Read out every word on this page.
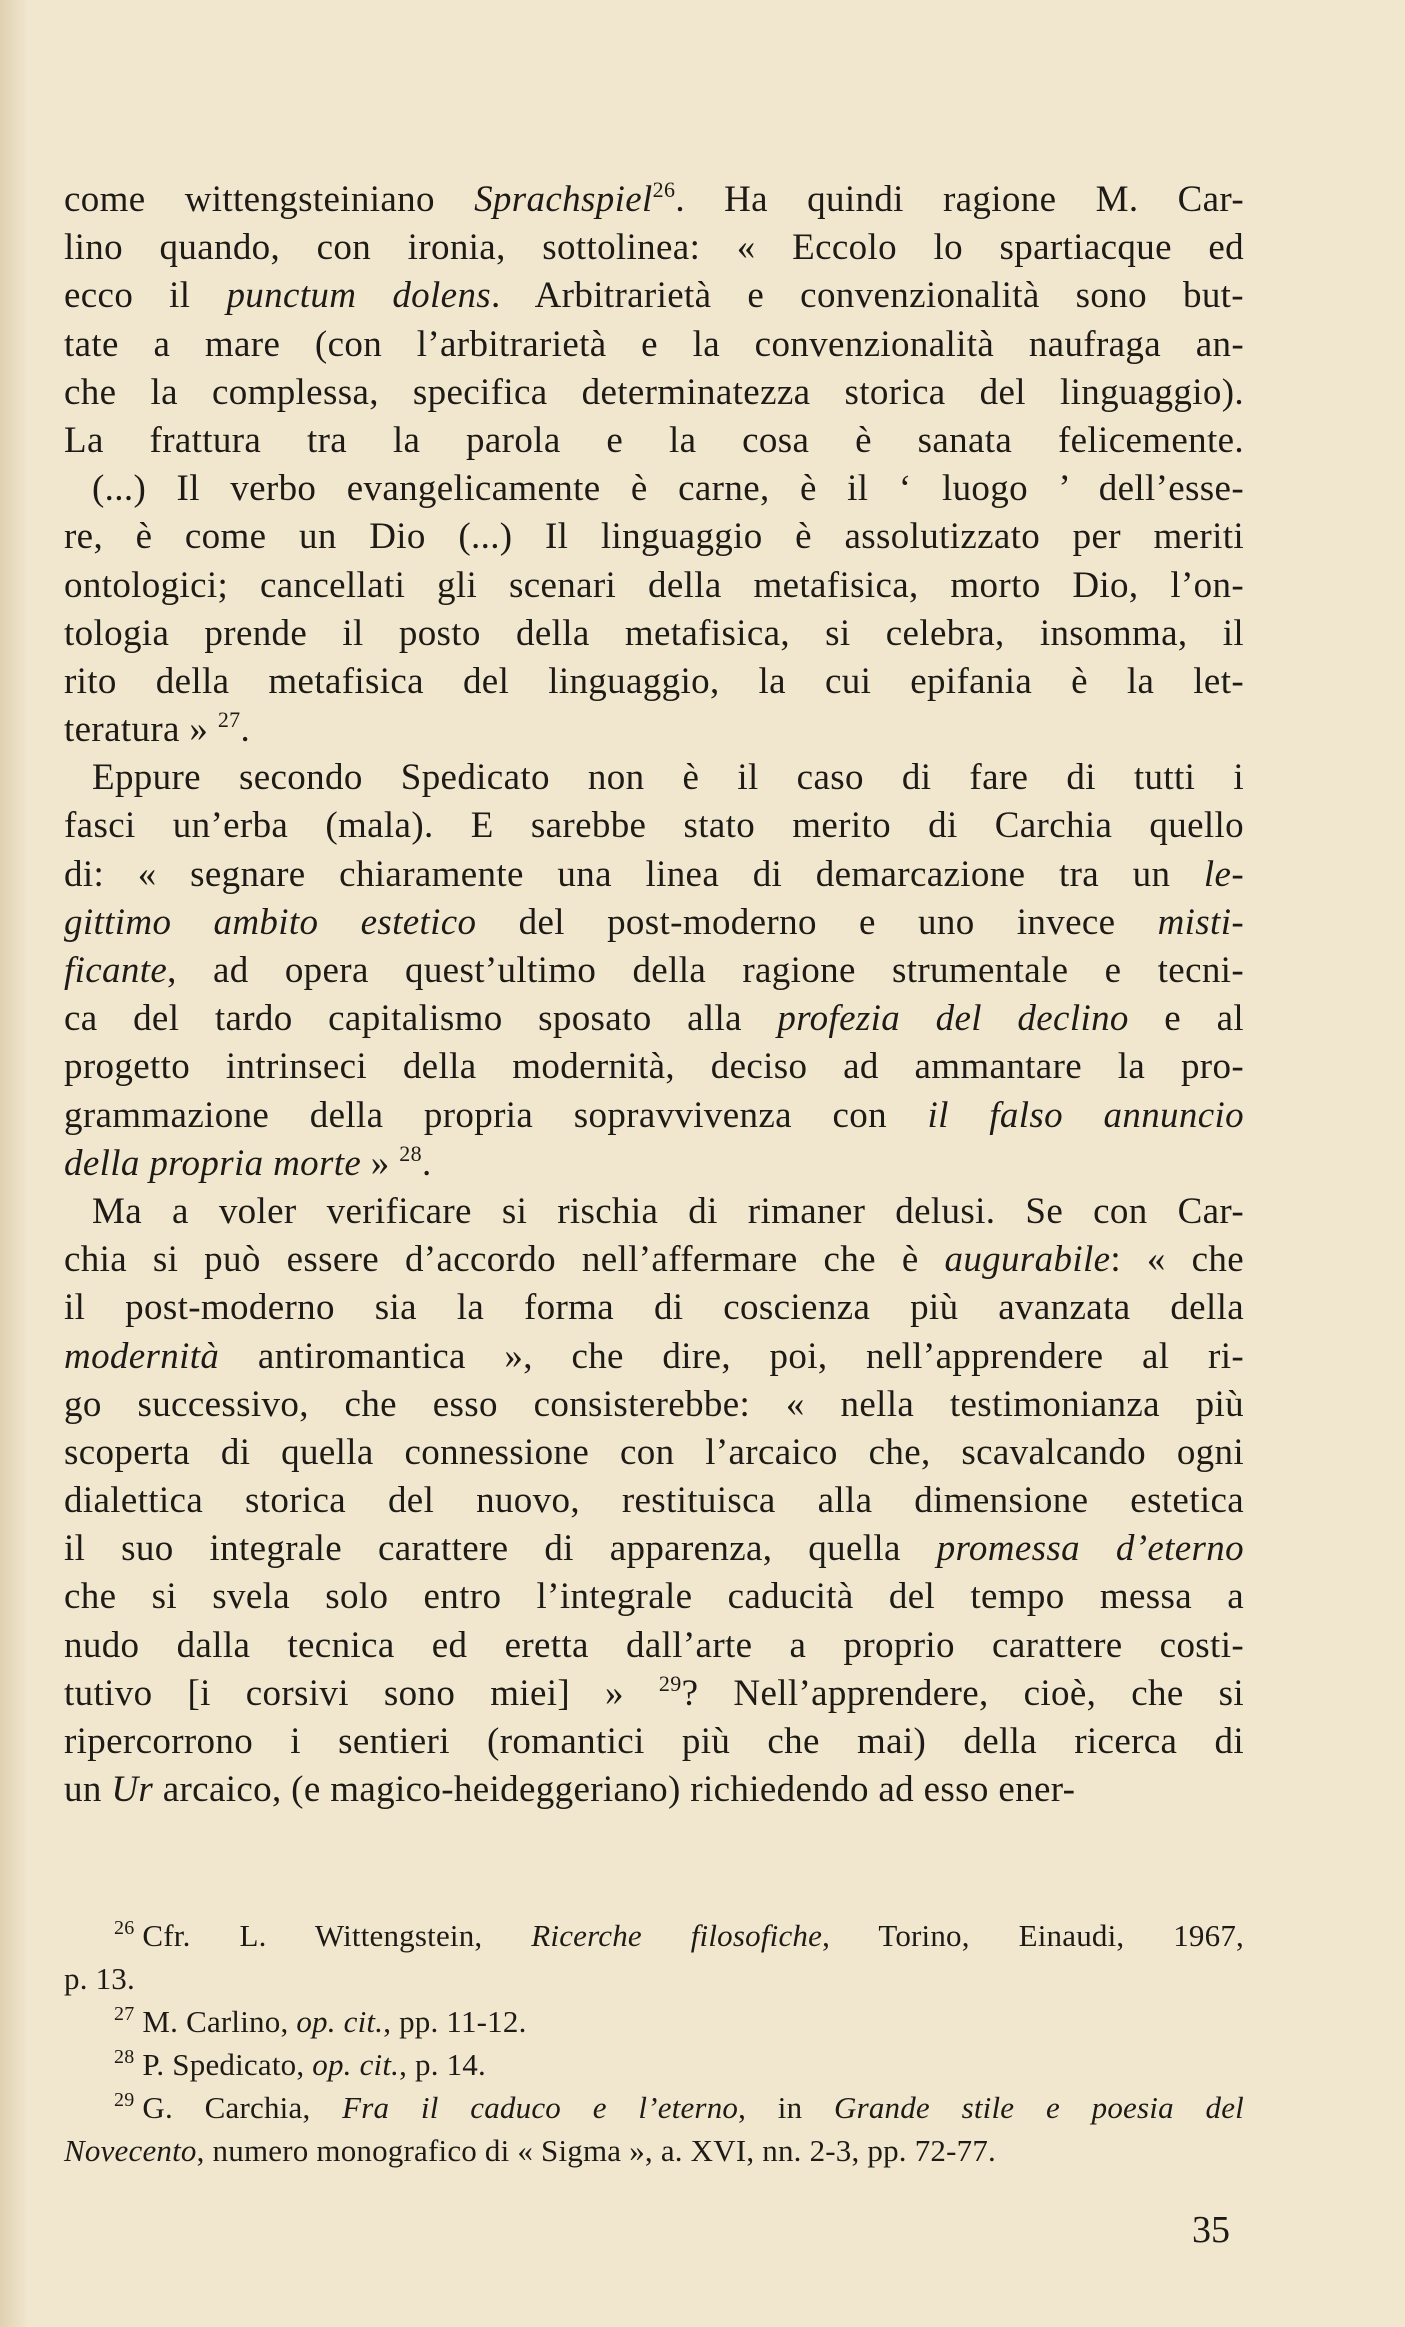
come wittengsteiniano Sprachspiel$^{26}$. Ha quindi ragione M. Car-
lino quando, con ironia, sottolinea: « Eccolo lo spartiacque ed
ecco il punctum dolens. Arbitrarietà e convenzionalità sono but-
tate a mare (con l’arbitrarietà e la convenzionalità naufraga an-
che la complessa, specifica determinatezza storica del linguaggio).
La frattura tra la parola e la cosa è sanata felicemente.
(...) Il verbo evangelicamente è carne, è il ‘ luogo ’ dell’esse-
re, è come un Dio (...) Il linguaggio è assolutizzato per meriti
ontologici; cancellati gli scenari della metafisica, morto Dio, l’on-
tologia prende il posto della metafisica, si celebra, insomma, il
rito della metafisica del linguaggio, la cui epifania è la let-
teratura » $^{27}$.
Eppure secondo Spedicato non è il caso di fare di tutti i
fasci un’erba (mala). E sarebbe stato merito di Carchia quello
di: « segnare chiaramente una linea di demarcazione tra un le-
gittimo ambito estetico del post-moderno e uno invece misti-
ficante, ad opera quest’ultimo della ragione strumentale e tecni-
ca del tardo capitalismo sposato alla profezia del declino e al
progetto intrinseci della modernità, deciso ad ammantare la pro-
grammazione della propria sopravvivenza con il falso annuncio
della propria morte » $^{28}$.
Ma a voler verificare si rischia di rimaner delusi. Se con Car-
chia si può essere d’accordo nell’affermare che è augurabile: « che
il post-moderno sia la forma di coscienza più avanzata della
modernità antiromantica », che dire, poi, nell’apprendere al ri-
go successivo, che esso consisterebbe: « nella testimonianza più
scoperta di quella connessione con l’arcaico che, scavalcando ogni
dialettica storica del nuovo, restituisca alla dimensione estetica
il suo integrale carattere di apparenza, quella promessa d’eterno
che si svela solo entro l’integrale caducità del tempo messa a
nudo dalla tecnica ed eretta dall’arte a proprio carattere costi-
tutivo [i corsivi sono miei] » $^{29}$? Nell’apprendere, cioè, che si
ripercorrono i sentieri (romantici più che mai) della ricerca di
un Ur arcaico, (e magico-heideggeriano) richiedendo ad esso ener-
$^{26}$ Cfr. L. Wittengstein, Ricerche filosofiche, Torino, Einaudi, 1967,
p. 13.
$^{27}$ M. Carlino, op. cit., pp. 11-12.
$^{28}$ P. Spedicato, op. cit., p. 14.
$^{29}$ G. Carchia, Fra il caduco e l’eterno, in Grande stile e poesia del
Novecento, numero monografico di « Sigma », a. XVI, nn. 2-3, pp. 72-77.
35
